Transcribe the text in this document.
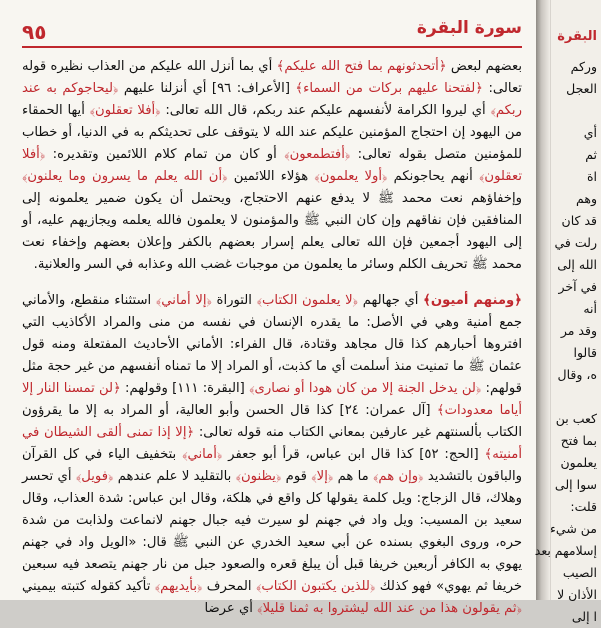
٩٥	سورة البقرة

بعضهم لبعض ﴿أتحدثونهم بما فتح الله عليكم﴾ أي بما أنزل الله عليكم من العذاب نظيره قوله تعالى: ﴿لفتحنا عليهم بركات من السماء﴾ [الأعراف: ٩٦] أي أنزلنا عليهم ﴿ليحاجوكم به عند ربكم﴾ أي ليروا الكرامة لأنفسهم عليكم عند ربكم، قال الله تعالى: ﴿أفلا تعقلون﴾ أيها الحمقاء من اليهود إن احتجاج المؤمنين عليكم عند الله لا يتوقف على تحديثكم به في الدنيا، أو خطاب للمؤمنين متصل بقوله تعالى: ﴿أفتطمعون﴾ أو كان من تمام كلام اللائمين وتقديره: ﴿أفلا تعقلون﴾ أنهم يحاجونكم ﴿أولا يعلمون﴾ هؤلاء اللائمين ﴿أن الله يعلم ما يسرون وما يعلنون﴾ وإخفاؤهم نعت محمد ﷺ لا يدفع عنهم الاحتجاج، ويحتمل أن يكون ضمير يعلمونه إلى المنافقين فإن نفاقهم وإن كان النبي ﷺ والمؤمنون لا يعلمون فالله يعلمه ويجازيهم عليه، أو إلى اليهود أجمعين فإن الله تعالى يعلم إسرار بعضهم بالكفر وإعلان بعضهم وإخفاء نعت محمد ﷺ تحريف الكلم وسائر ما يعلمون من موجبات غضب الله وعذابه في السر والعلانية.

﴿ومنهم أميون﴾ أي جهالهم ﴿لا يعلمون الكتاب﴾ التوراة ﴿إلا أماني﴾ استثناء منقطع، والأماني جمع أمنية وهي في الأصل: ما يقدره الإنسان في نفسه من منى والمراد الأكاذيب التي افتروها أحبارهم كذا قال مجاهد وقتادة، قال الفراء: الأماني الأحاديث المفتعلة ومنه قول عثمان ﷺ ما تمنيت منذ أسلمت أي ما كذبت، أو المراد إلا ما تمناه أنفسهم من غير حجة مثل قولهم: ﴿لن يدخل الجنة إلا من كان هودا أو نصارى﴾ [البقرة: ١١١] وقولهم: ﴿لن تمسنا النار إلا أياما معدودات﴾ [آل عمران: ٢٤] كذا قال الحسن وأبو العالية، أو المراد به إلا ما يقرؤون الكتاب بألسنتهم غير عارفين بمعاني الكتاب منه قوله تعالى: ﴿إلا إذا تمنى ألقى الشيطان في أمنيته﴾ [الحج: ٥٢] كذا قال ابن عباس، قرأ أبو جعفر ﴿أماني﴾ بتخفيف الياء في كل القرآن والباقون بالتشديد ﴿وإن هم﴾ ما هم ﴿إلا﴾ قوم ﴿يظنون﴾ بالتقليد لا علم عندهم ﴿فويل﴾ أي تحسر وهلاك، قال الزجاج: ويل كلمة يقولها كل واقع في هلكة، وقال ابن عباس: شدة العذاب، وقال سعيد بن المسيب: ويل واد في جهنم لو سيرت فيه جبال جهنم لانماعت ولذابت من شدة حره، وروى البغوي بسنده عن أبي سعيد الخدري عن النبي ﷺ قال: «الويل واد في جهنم يهوي به الكافر أربعين خريفا قبل أن يبلغ قعره والصعود جبل من نار جهنم يتصعد فيه سبعين خريفا ثم يهوي» فهو كذلك ﴿للذين يكتبون الكتاب﴾ المحرف ﴿بأيديهم﴾ تأكيد كقوله كتبته بيميني ﴿ثم يقولون هذا من عند الله ليشتروا به ثمنا قليلا﴾ أي عرضا

البقرة
وركم
العجل
أي
ثم
اة
وهم
قد كان
رلت في
الله إلى
في آخر
أنه
وقد مر
قالوا
ه، وقال
كعب بن
بما فتح
يعلمون
سوا إلى
قلت:
من شيء
إسلامهم بعد
الصيب
الأذان لا
ا إلى
